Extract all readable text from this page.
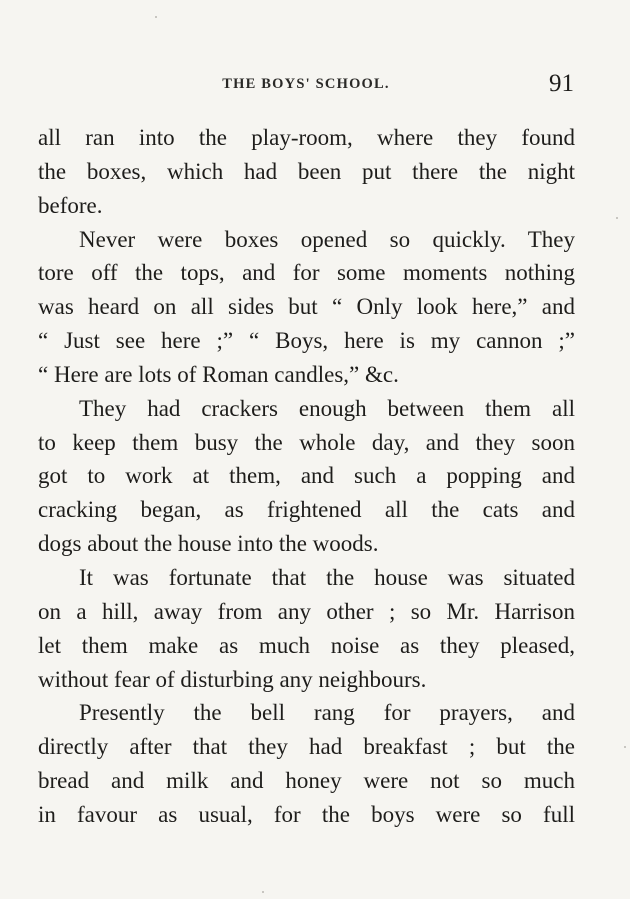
THE BOYS' SCHOOL.	91
all ran into the play-room, where they found
the boxes, which had been put there the night
before.
Never were boxes opened so quickly. They
tore off the tops, and for some moments nothing
was heard on all sides but “ Only look here,” and
“ Just see here ;” “ Boys, here is my cannon ;”
“ Here are lots of Roman candles,” &c.
They had crackers enough between them all
to keep them busy the whole day, and they soon
got to work at them, and such a popping and
cracking began, as frightened all the cats and
dogs about the house into the woods.
It was fortunate that the house was situated
on a hill, away from any other ; so Mr. Harrison
let them make as much noise as they pleased,
without fear of disturbing any neighbours.
Presently the bell rang for prayers, and
directly after that they had breakfast ; but the
bread and milk and honey were not so much
in favour as usual, for the boys were so full
